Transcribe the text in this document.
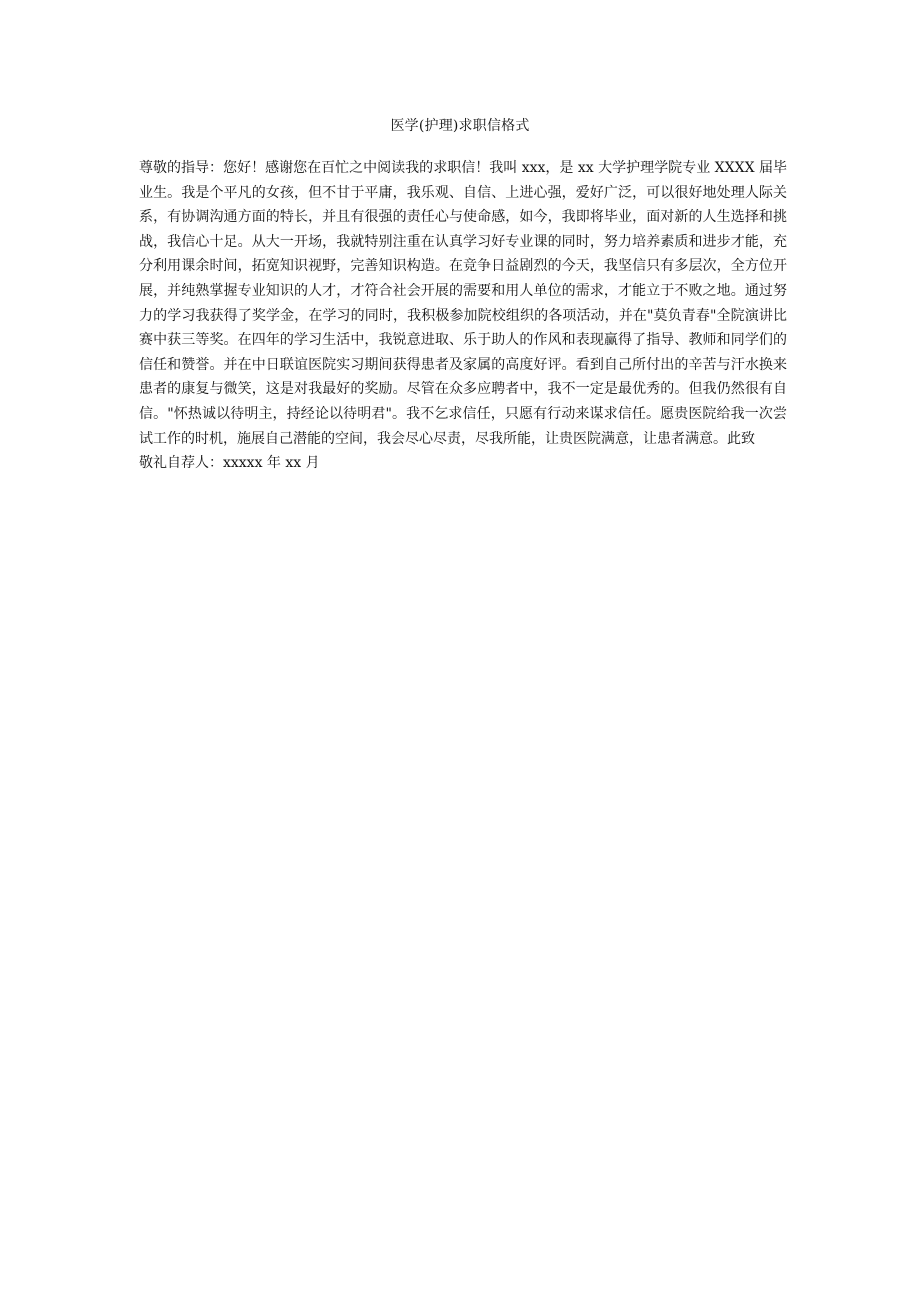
医学(护理)求职信格式

尊敬的指导：您好！感谢您在百忙之中阅读我的求职信！我叫 xxx，是 xx 大学护理学院专业 XXXX 届毕业生。我是个平凡的女孩，但不甘于平庸，我乐观、自信、上进心强，爱好广泛，可以很好地处理人际关系，有协调沟通方面的特长，并且有很强的责任心与使命感，如今，我即将毕业，面对新的人生选择和挑战，我信心十足。从大一开场，我就特别注重在认真学习好专业课的同时，努力培养素质和进步才能，充分利用课余时间，拓宽知识视野，完善知识构造。在竞争日益剧烈的今天，我坚信只有多层次，全方位开展，并纯熟掌握专业知识的人才，才符合社会开展的需要和用人单位的需求，才能立于不败之地。通过努力的学习我获得了奖学金，在学习的同时，我积极参加院校组织的各项活动，并在"莫负青春"全院演讲比赛中获三等奖。在四年的学习生活中，我锐意进取、乐于助人的作风和表现赢得了指导、教师和同学们的信任和赞誉。并在中日联谊医院实习期间获得患者及家属的高度好评。看到自己所付出的辛苦与汗水换来患者的康复与微笑，这是对我最好的奖励。尽管在众多应聘者中，我不一定是最优秀的。但我仍然很有自信。"怀热诚以待明主，持经论以待明君"。我不乞求信任，只愿有行动来谋求信任。愿贵医院给我一次尝试工作的时机，施展自己潜能的空间，我会尽心尽责，尽我所能，让贵医院满意，让患者满意。此致

敬礼自荐人：xxxxx 年 xx 月
